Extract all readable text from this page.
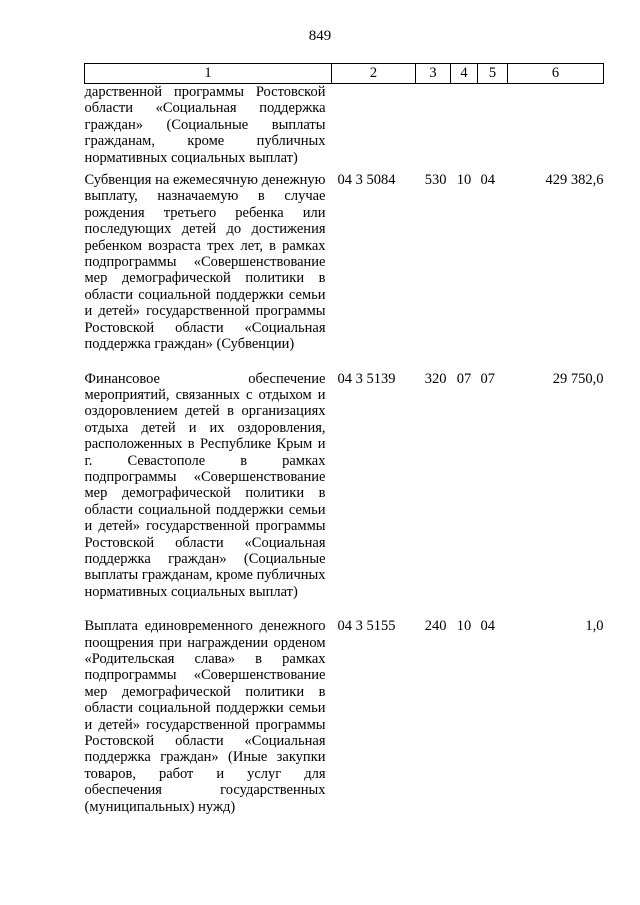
849
1	2	3	4	5	6
дарственной программы Ростовской области «Социальная поддержка граждан» (Социальные выплаты гражданам, кроме публичных нормативных социальных выплат)					
Субвенция на ежемесячную денежную выплату, назначаемую в случае рождения третьего ребенка или последующих детей до достижения ребенком возраста трех лет, в рамках подпрограммы «Совершенствование мер демографической политики в области социальной поддержки семьи и детей» государственной программы Ростовской области «Социальная поддержка граждан» (Субвенции)	04 3 5084	530	10	04	429 382,6
Финансовое обеспечение мероприятий, связанных с отдыхом и оздоровлением детей в организациях отдыха детей и их оздоровления, расположенных в Республике Крым и г. Севастополе в рамках подпрограммы «Совершенствование мер демографической политики в области социальной поддержки семьи и детей» государственной программы Ростовской области «Социальная поддержка граждан» (Социальные выплаты гражданам, кроме публичных нормативных социальных выплат)	04 3 5139	320	07	07	29 750,0
Выплата единовременного денежного поощрения при награждении орденом «Родительская слава» в рамках подпрограммы «Совершенствование мер демографической политики в области социальной поддержки семьи и детей» государственной программы Ростовской области «Социальная поддержка граждан» (Иные закупки товаров, работ и услуг для обеспечения государственных (муниципальных) нужд)	04 3 5155	240	10	04	1,0
